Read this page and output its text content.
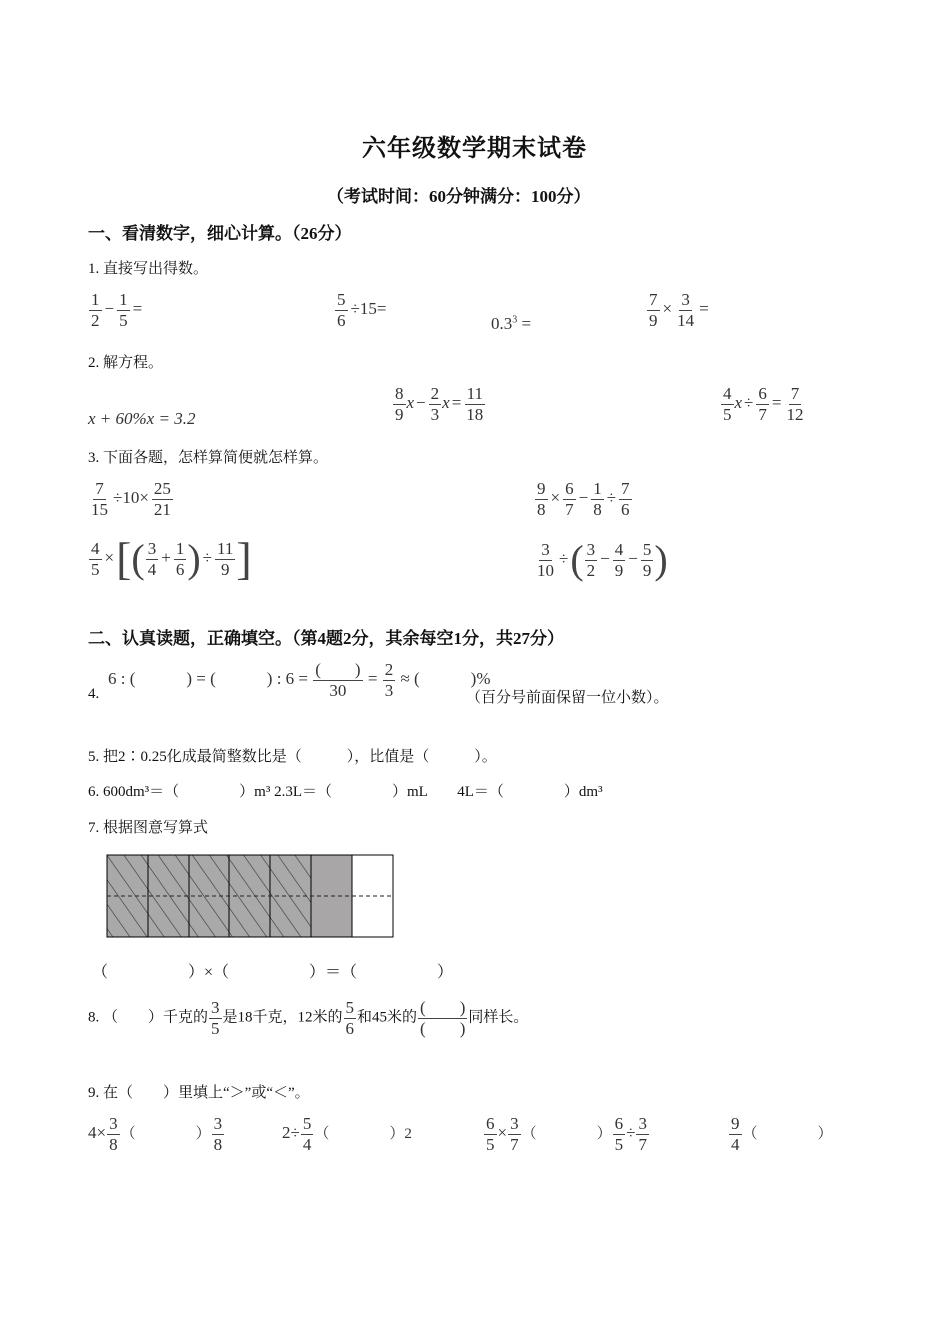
六年级数学期末试卷
（考试时间：60分钟满分：100分）
一、看清数字，细心计算。（26分）
1. 直接写出得数。
$\frac{1}{2} - \frac{1}{5}$ =	$\frac{5}{6} \div 15=$
$0.3^3$ =	$\frac{7}{9} \times \frac{3}{14}$ =
2. 解方程。
x + 60%x = 3.2	$\frac{8}{9}$ $x - \frac{2}{3}$ $x = \frac{11}{18}$	$\frac{4}{5}$ $x \div \frac{6}{7} = \frac{7}{12}$
3. 下面各题，怎样算简便就怎样算。
$\frac{7}{15} \div 10\times \frac{25}{21}$	$\frac{9}{8} \times \frac{6}{7} - \frac{1}{8} \div \frac{7}{6}$
$\frac{4}{5}$ ×[( $\frac{3}{4} + \frac{1}{6}$ ) ÷ $\frac{11}{9}$ ]	$\frac{3}{10}$ ÷( $\frac{3}{2} - \frac{4}{9} - \frac{5}{9}$ )
二、认真读题，正确填空。（第4题2分，其余每空1分，共27分）
4.
6 : (　　　) = (　　　) : $6 = \frac{( )}{30} = \frac{2}{3}$ ≈ (　　　)%
（百分号前面保留一位小数）。
5. 把2∶0.25化成最简整数比是（　　　），比值是（　　　）。
6. 600dm³＝（　　　　）m³ 2.3L＝（　　　　）mL　　4L＝（　　　　）dm³
7. 根据图意写算式
（　　　　　）×（　　　　　）＝（　　　　　）
8. （　　）千克的 $\frac{3}{5}$ 是18千克，12米的 $\frac{5}{6}$ 和45米的 $\frac{( )}{( )}$ 同样长。
9. 在（　　）里填上“＞”或“＜”。
$4\times \frac{3}{8}$ （　　　　） $\frac{3}{8}$	$2\div \frac{5}{4}$ （　　　　）2	$\frac{6}{5} \times \frac{3}{7}$ （　　　　） $\frac{6}{5} \div \frac{3}{7}$	$\frac{9}{4}$ （　　　　）
